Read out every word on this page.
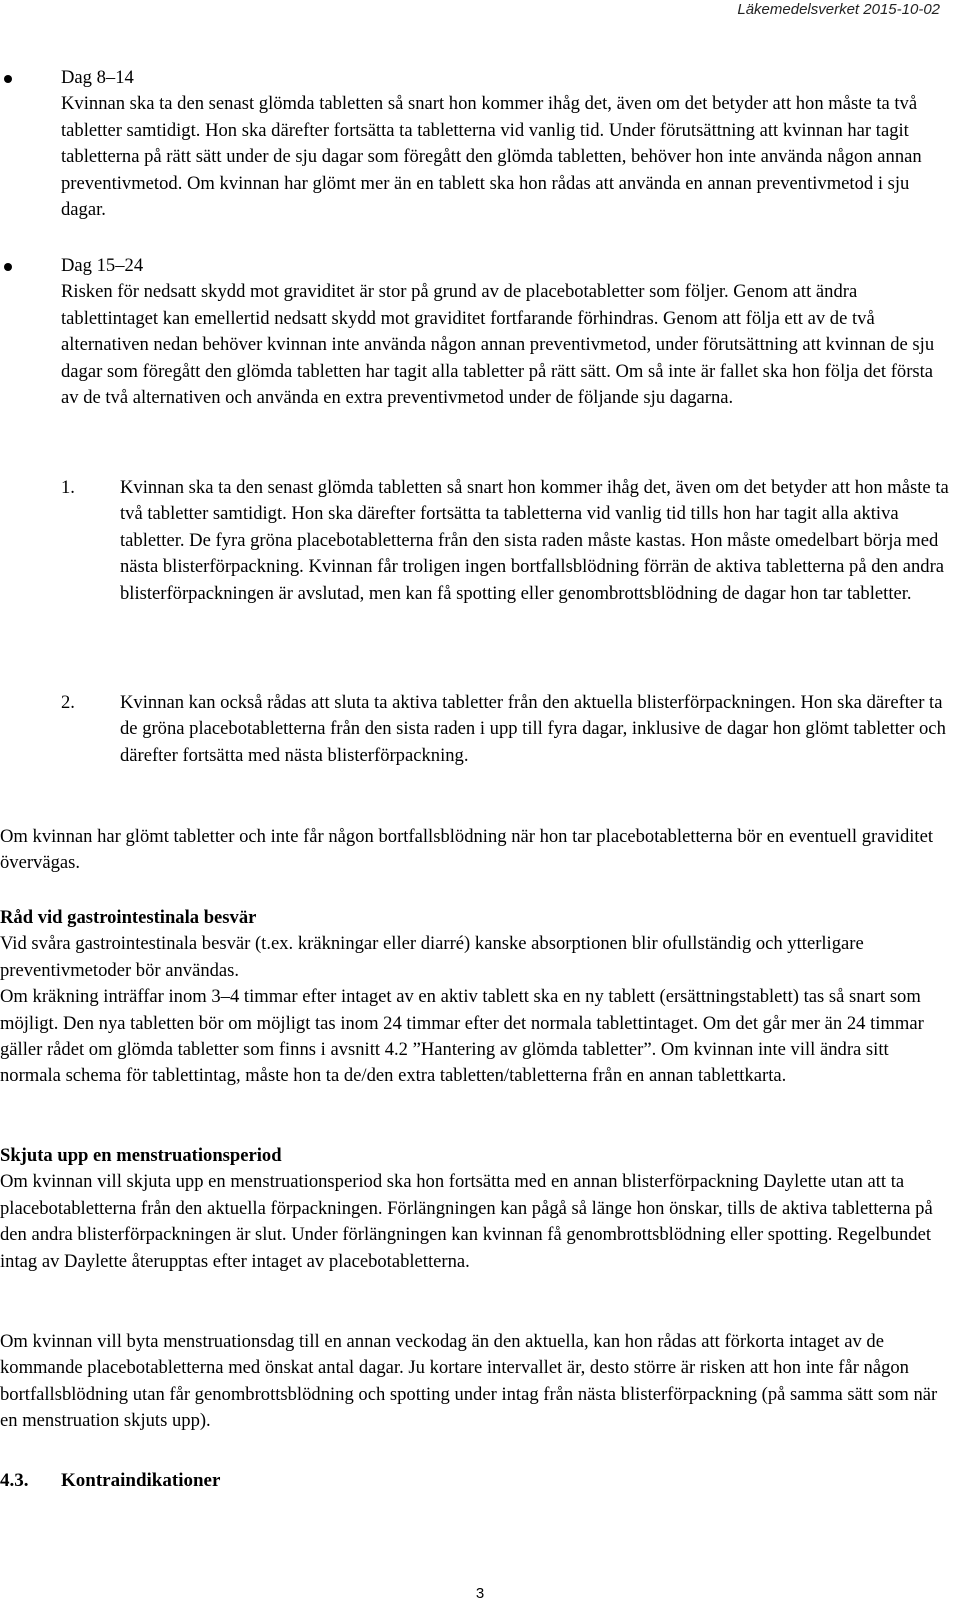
Läkemedelsverket 2015-10-02

Dag 8–14

Kvinnan ska ta den senast glömda tabletten så snart hon kommer ihåg det, även om det betyder att hon måste ta två tabletter samtidigt. Hon ska därefter fortsätta ta tabletterna vid vanlig tid. Under förutsättning att kvinnan har tagit tabletterna på rätt sätt under de sju dagar som föregått den glömda tabletten, behöver hon inte använda någon annan preventivmetod. Om kvinnan har glömt mer än en tablett ska hon rådas att använda en annan preventivmetod i sju dagar.

Dag 15–24

Risken för nedsatt skydd mot graviditet är stor på grund av de placebotabletter som följer. Genom att ändra tablettintaget kan emellertid nedsatt skydd mot graviditet fortfarande förhindras. Genom att följa ett av de två alternativen nedan behöver kvinnan inte använda någon annan preventivmetod, under förutsättning att kvinnan de sju dagar som föregått den glömda tabletten har tagit alla tabletter på rätt sätt. Om så inte är fallet ska hon följa det första av de två alternativen och använda en extra preventivmetod under de följande sju dagarna.

1. Kvinnan ska ta den senast glömda tabletten så snart hon kommer ihåg det, även om det betyder att hon måste ta två tabletter samtidigt. Hon ska därefter fortsätta ta tabletterna vid vanlig tid tills hon har tagit alla aktiva tabletter. De fyra gröna placebotabletterna från den sista raden måste kastas. Hon måste omedelbart börja med nästa blisterförpackning. Kvinnan får troligen ingen bortfallsblödning förrän de aktiva tabletterna på den andra blisterförpackningen är avslutad, men kan få spotting eller genombrottsblödning de dagar hon tar tabletter.

2. Kvinnan kan också rådas att sluta ta aktiva tabletter från den aktuella blisterförpackningen. Hon ska därefter ta de gröna placebotabletterna från den sista raden i upp till fyra dagar, inklusive de dagar hon glömt tabletter och därefter fortsätta med nästa blisterförpackning.

Om kvinnan har glömt tabletter och inte får någon bortfallsblödning när hon tar placebotabletterna bör en eventuell graviditet övervägas.

Råd vid gastrointestinala besvär
Vid svåra gastrointestinala besvär (t.ex. kräkningar eller diarré) kanske absorptionen blir ofullständig och ytterligare preventivmetoder bör användas.
Om kräkning inträffar inom 3–4 timmar efter intaget av en aktiv tablett ska en ny tablett (ersättningstablett) tas så snart som möjligt. Den nya tabletten bör om möjligt tas inom 24 timmar efter det normala tablettintaget. Om det går mer än 24 timmar gäller rådet om glömda tabletter som finns i avsnitt 4.2 ”Hantering av glömda tabletter”. Om kvinnan inte vill ändra sitt normala schema för tablettintag, måste hon ta de/den extra tabletten/tabletterna från en annan tablettkarta.
Skjuta upp en menstruationsperiod
Om kvinnan vill skjuta upp en menstruationsperiod ska hon fortsätta med en annan blisterförpackning Daylette utan att ta placebotabletterna från den aktuella förpackningen. Förlängningen kan pågå så länge hon önskar, tills de aktiva tabletterna på den andra blisterförpackningen är slut. Under förlängningen kan kvinnan få genombrottsblödning eller spotting. Regelbundet intag av Daylette återupptas efter intaget av placebotabletterna.

Om kvinnan vill byta menstruationsdag till en annan veckodag än den aktuella, kan hon rådas att förkorta intaget av de kommande placebotabletterna med önskat antal dagar. Ju kortare intervallet är, desto större är risken att hon inte får någon bortfallsblödning utan får genombrottsblödning och spotting under intag från nästa blisterförpackning (på samma sätt som när en menstruation skjuts upp).

4.3. Kontraindikationer
3
